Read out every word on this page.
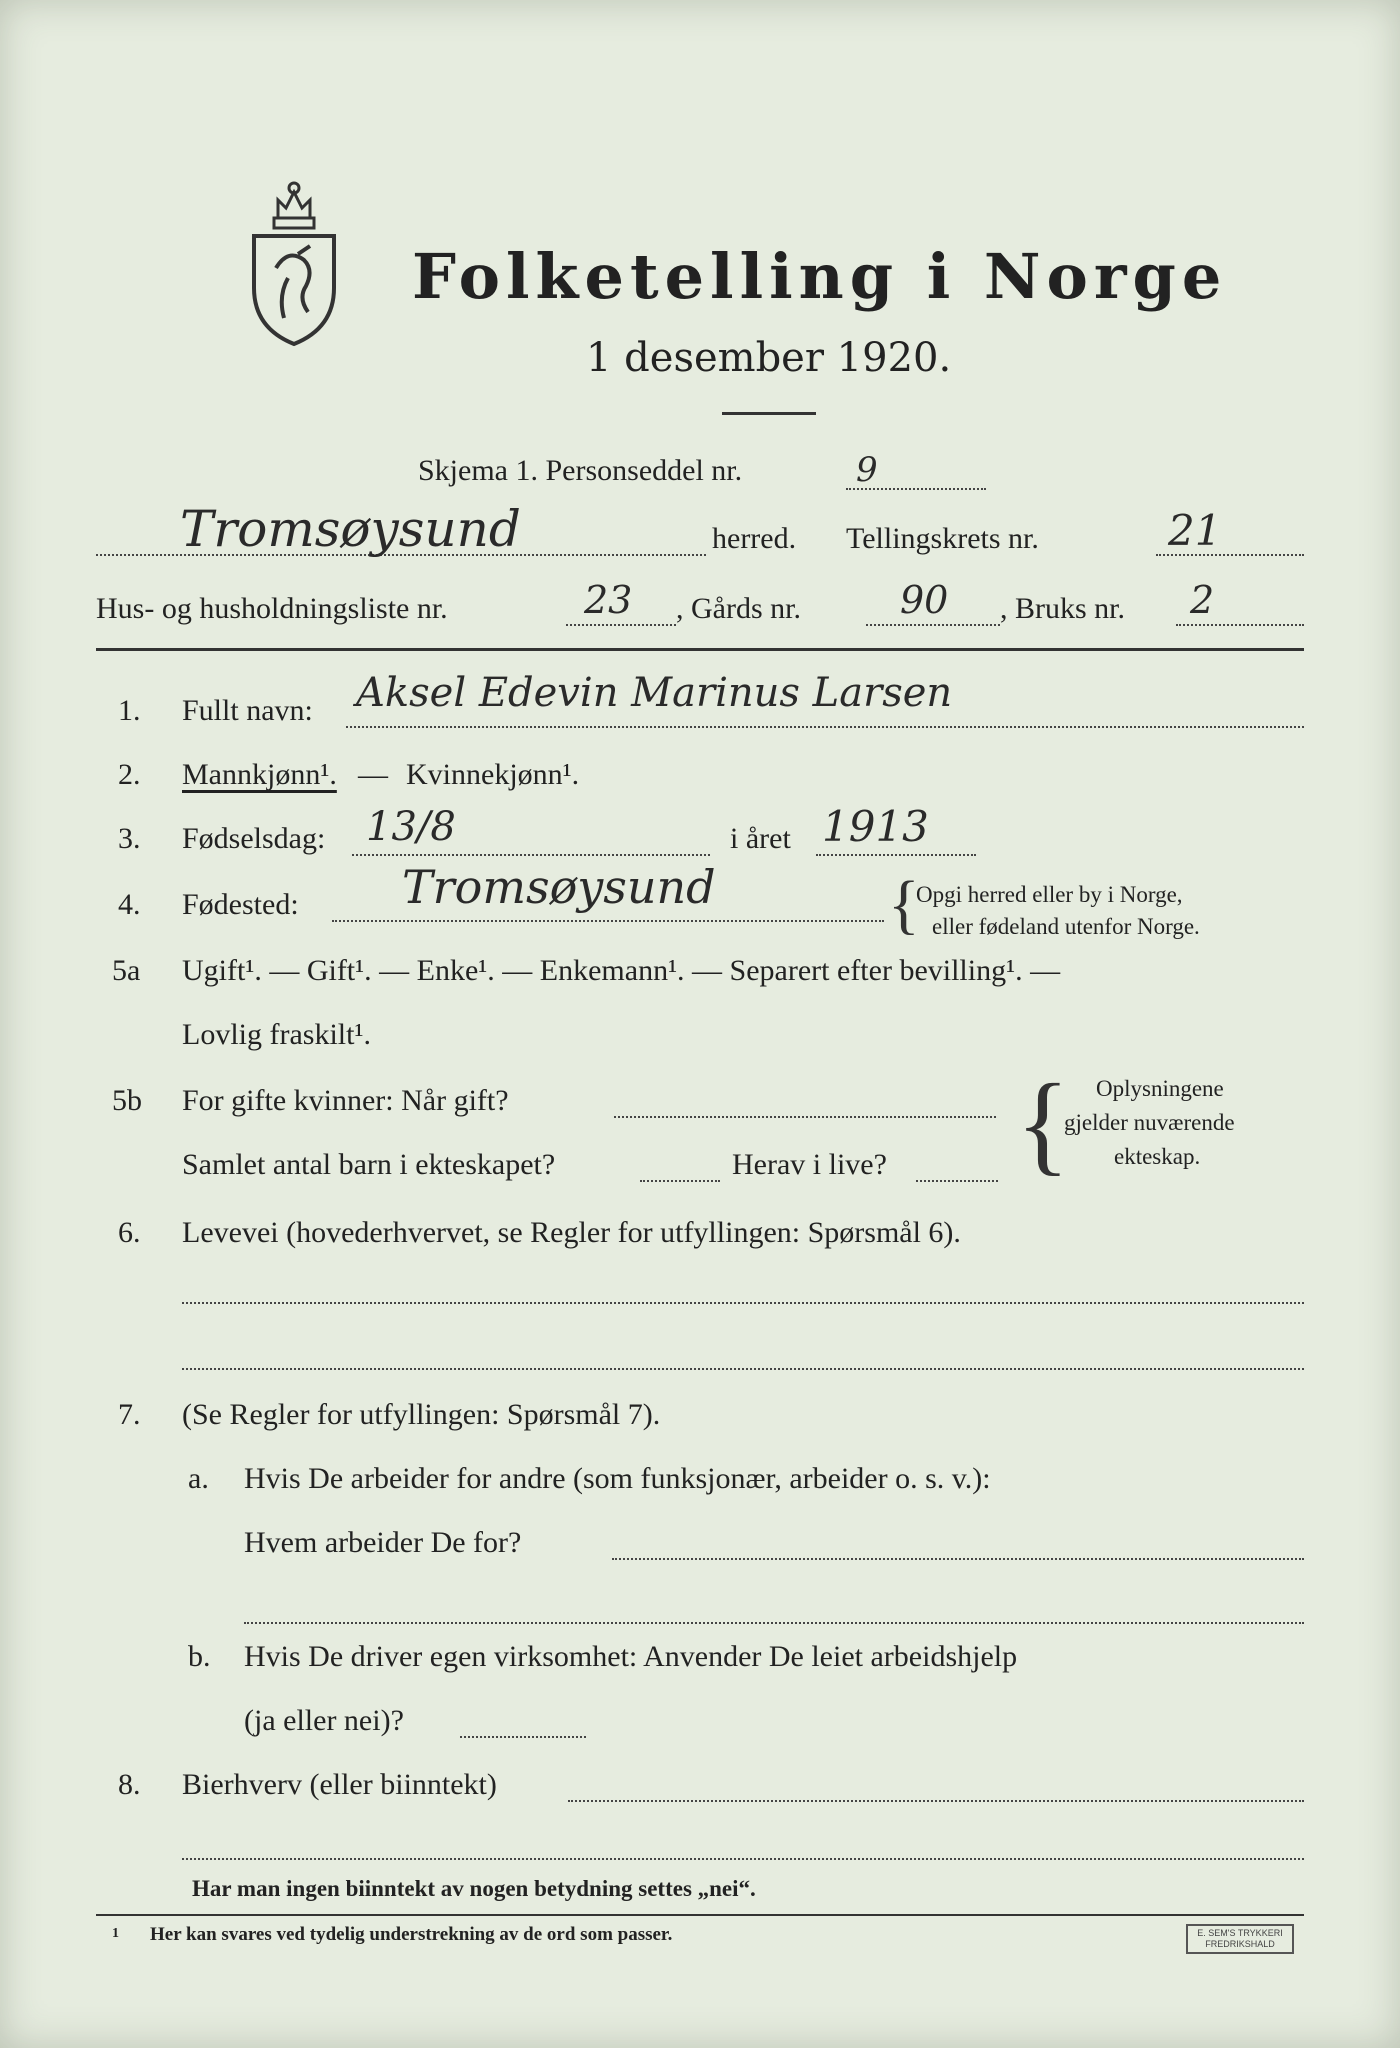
Folketelling i Norge
1 desember 1920.
Skjema 1. Personseddel nr.	9
Tromsøysund	herred. Tellingskrets nr.	21
Hus- og husholdningsliste nr.	23 , Gårds nr.	90 , Bruks nr. 2
1. Fullt navn: Aksel Edevin Marinus Larsen
2. Mannkjønn¹. — Kvinnekjønn¹.
3. Fødselsdag: 13/8	i året 1913
4. Fødested: Tromsøysund	{
Opgi herred eller by i Norge,
eller fødeland utenfor Norge.
5a Ugift¹. — Gift¹. — Enke¹. — Enkemann¹. — Separert efter bevilling¹. —
Lovlig fraskilt¹.
5b For gifte kvinner: Når gift?
Samlet antal barn i ekteskapet?	Herav i live? { Oplysningene
gjelder nuværende
ekteskap.
6. Levevei (hovederhvervet, se Regler for utfyllingen: Spørsmål 6).
7. (Se Regler for utfyllingen: Spørsmål 7).
a. Hvis De arbeider for andre (som funksjonær, arbeider o. s. v.):
Hvem arbeider De for?
b. Hvis De driver egen virksomhet: Anvender De leiet arbeidshjelp
(ja eller nei)?
8. Bierhverv (eller biinntekt)
Har man ingen biinntekt av nogen betydning settes „nei“.
1 Her kan svares ved tydelig understrekning av de ord som passer.	E. SEM'S TRYKKERI FREDRIKSHALD
